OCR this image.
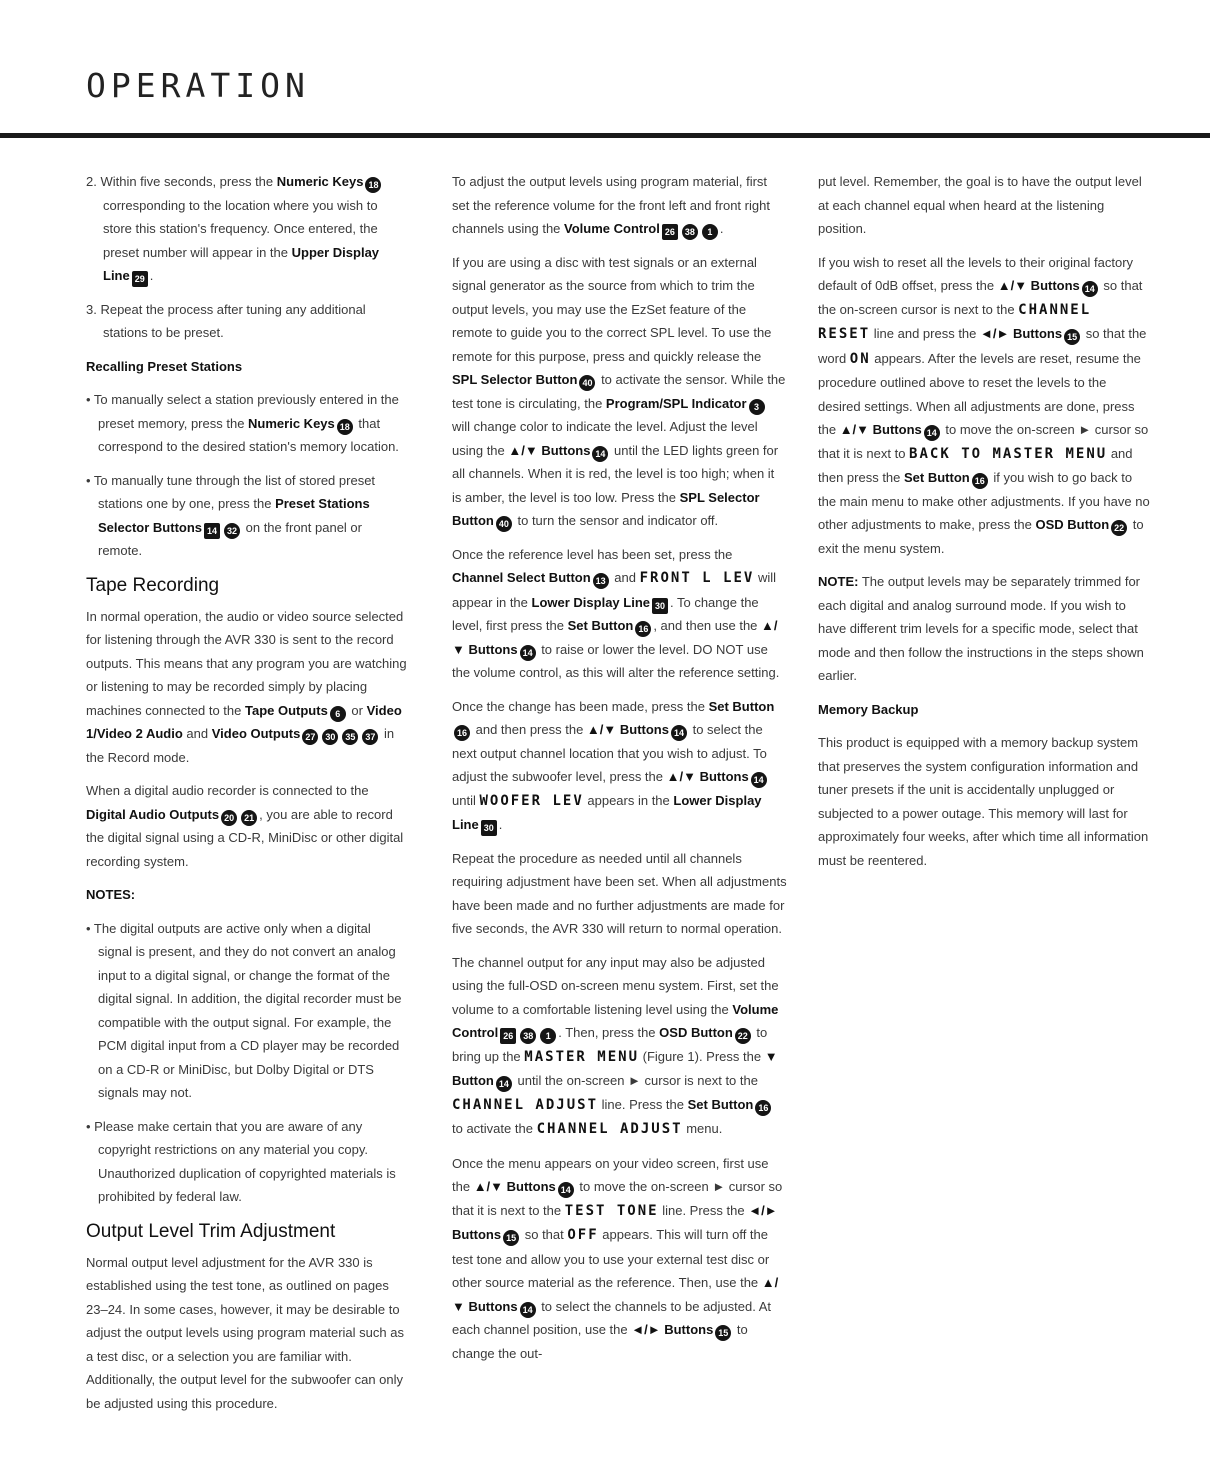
OPERATION

2. Within five seconds, press the Numeric Keys 18 corresponding to the location where you wish to store this station's frequency. Once entered, the preset number will appear in the Upper Display Line 29 .

3. Repeat the process after tuning any additional stations to be preset.

Recalling Preset Stations

• To manually select a station previously entered in the preset memory, press the Numeric Keys 18 that correspond to the desired station's memory location.

• To manually tune through the list of stored preset stations one by one, press the Preset Stations Selector Buttons 14 32 on the front panel or remote.

Tape Recording

In normal operation, the audio or video source selected for listening through the AVR 330 is sent to the record outputs. This means that any program you are watching or listening to may be recorded simply by placing machines connected to the Tape Outputs 6 or Video 1/Video 2 Audio and Video Outputs 27 30 35 37 in the Record mode.

When a digital audio recorder is connected to the Digital Audio Outputs 20 21 , you are able to record the digital signal using a CD-R, MiniDisc or other digital recording system.

NOTES:

• The digital outputs are active only when a digital signal is present, and they do not convert an analog input to a digital signal, or change the format of the digital signal. In addition, the digital recorder must be compatible with the output signal. For example, the PCM digital input from a CD player may be recorded on a CD-R or MiniDisc, but Dolby Digital or DTS signals may not.

• Please make certain that you are aware of any copyright restrictions on any material you copy. Unauthorized duplication of copyrighted materials is prohibited by federal law.

Output Level Trim Adjustment

Normal output level adjustment for the AVR 330 is established using the test tone, as outlined on pages 23–24. In some cases, however, it may be desirable to adjust the output levels using program material such as a test disc, or a selection you are familiar with. Additionally, the output level for the subwoofer can only be adjusted using this procedure.

To adjust the output levels using program material, first set the reference volume for the front left and front right channels using the Volume Control 26 38 1 .

If you are using a disc with test signals or an external signal generator as the source from which to trim the output levels, you may use the EzSet feature of the remote to guide you to the correct SPL level. To use the remote for this purpose, press and quickly release the SPL Selector Button 40 to activate the sensor. While the test tone is circulating, the Program/SPL Indicator 3 will change color to indicate the level. Adjust the level using the ▲/▼ Buttons 14 until the LED lights green for all channels. When it is red, the level is too high; when it is amber, the level is too low. Press the SPL Selector Button 40 to turn the sensor and indicator off.

Once the reference level has been set, press the Channel Select Button 13 and FRONT L LEV will appear in the Lower Display Line 30 . To change the level, first press the Set Button 16 , and then use the ▲/▼ Buttons 14 to raise or lower the level. DO NOT use the volume control, as this will alter the reference setting.

Once the change has been made, press the Set Button16 and then press the ▲/▼ Buttons 14 to select the next output channel location that you wish to adjust. To adjust the subwoofer level, press the ▲/▼ Buttons 14 until WOOFER LEV appears in the Lower Display Line 30 .

Repeat the procedure as needed until all channels requiring adjustment have been set. When all adjustments have been made and no further adjustments are made for five seconds, the AVR 330 will return to normal operation.

The channel output for any input may also be adjusted using the full-OSD on-screen menu system. First, set the volume to a comfortable listening level using the Volume Control 26 38 1 . Then, press the OSD Button 22 to bring up the MASTER MENU (Figure 1). Press the ▼ Button 14 until the on-screen ► cursor is next to the CHANNEL ADJUST line. Press the Set Button 16 to activate the CHANNEL ADJUST menu.

Once the menu appears on your video screen, first use the ▲/▼ Buttons 14 to move the on-screen ► cursor so that it is next to the TEST TONE line. Press the ◄/► Buttons 15 so that OFF appears. This will turn off the test tone and allow you to use your external test disc or other source material as the reference. Then, use the ▲/▼ Buttons 14 to select the channels to be adjusted. At each channel position, use the ◄/► Buttons 15 to change the out-

put level. Remember, the goal is to have the output level at each channel equal when heard at the listening position.

If you wish to reset all the levels to their original factory default of 0dB offset, press the ▲/▼ Buttons 14 so that the on-screen cursor is next to the CHANNEL RESET line and press the ◄/► Buttons 15 so that the word ON appears. After the levels are reset, resume the procedure outlined above to reset the levels to the desired settings. When all adjustments are done, press the ▲/▼ Buttons 14 to move the on-screen ► cursor so that it is next to BACK TO MASTER MENU and then press the Set Button 16 if you wish to go back to the main menu to make other adjustments. If you have no other adjustments to make, press the OSD Button 22 to exit the menu system.

NOTE: The output levels may be separately trimmed for each digital and analog surround mode. If you wish to have different trim levels for a specific mode, select that mode and then follow the instructions in the steps shown earlier.

Memory Backup

This product is equipped with a memory backup system that preserves the system configuration information and tuner presets if the unit is accidentally unplugged or subjected to a power outage. This memory will last for approximately four weeks, after which time all information must be reentered.
